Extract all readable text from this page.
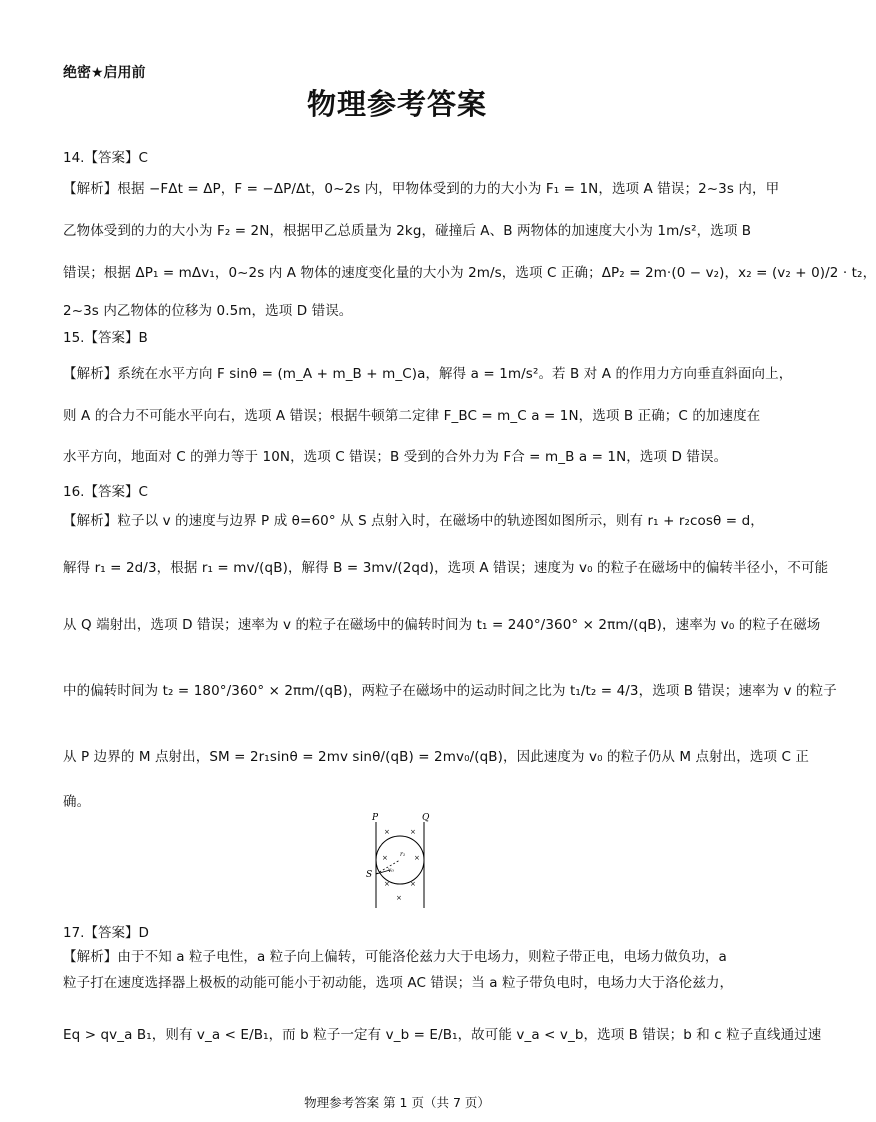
绝密★启用前
物理参考答案
14.【答案】C
【解析】根据 −FΔt = ΔP，F = −ΔP/Δt，0~2s 内，甲物体受到的力的大小为 F₁ = 1N，选项 A 错误；2~3s 内，甲
乙物体受到的力的大小为 F₂ = 2N，根据甲乙总质量为 2kg，碰撞后 A、B 两物体的加速度大小为 1m/s²，选项 B
错误；根据 ΔP₁ = mΔv₁，0~2s 内 A 物体的速度变化量的大小为 2m/s，选项 C 正确；ΔP₂ = 2m·(0 − v₂)，x₂ = (v₂ + 0)/2 · t₂，
2~3s 内乙物体的位移为 0.5m，选项 D 错误。
15.【答案】B
【解析】系统在水平方向 F sinθ = (m_A + m_B + m_C)a，解得 a = 1m/s²。若 B 对 A 的作用力方向垂直斜面向上，
则 A 的合力不可能水平向右，选项 A 错误；根据牛顿第二定律 F_BC = m_C a = 1N，选项 B 正确；C 的加速度在
水平方向，地面对 C 的弹力等于 10N，选项 C 错误；B 受到的合外力为 F合 = m_B a = 1N，选项 D 错误。
16.【答案】C
【解析】粒子以 v 的速度与边界 P 成 θ=60° 从 S 点射入时，在磁场中的轨迹图如图所示，则有 r₁ + r₂cosθ = d，
解得 r₁ = 2d/3，根据 r₁ = mv/(qB)，解得 B = 3mv/(2qd)，选项 A 错误；速度为 v₀ 的粒子在磁场中的偏转半径小，不可能
从 Q 端射出，选项 D 错误；速率为 v 的粒子在磁场中的偏转时间为 t₁ = 240°/360° × 2πm/(qB)，速率为 v₀ 的粒子在磁场
中的偏转时间为 t₂ = 180°/360° × 2πm/(qB)，两粒子在磁场中的运动时间之比为 t₁/t₂ = 4/3，选项 B 错误；速率为 v 的粒子
从 P 边界的 M 点射出，SM = 2r₁sinθ = 2mv sinθ/(qB) = 2mv₀/(qB)，因此速度为 v₀ 的粒子仍从 M 点射出，选项 C 正
确。
×	×
×	×
×	×
×
P	Q
S	v₀
r₁
17.【答案】D
【解析】由于不知 a 粒子电性，a 粒子向上偏转，可能洛伦兹力大于电场力，则粒子带正电，电场力做负功，a
粒子打在速度选择器上极板的动能可能小于初动能，选项 AC 错误；当 a 粒子带负电时，电场力大于洛伦兹力，
Eq > qv_a B₁，则有 v_a < E/B₁，而 b 粒子一定有 v_b = E/B₁，故可能 v_a < v_b，选项 B 错误；b 和 c 粒子直线通过速
物理参考答案 第 1 页（共 7 页）
